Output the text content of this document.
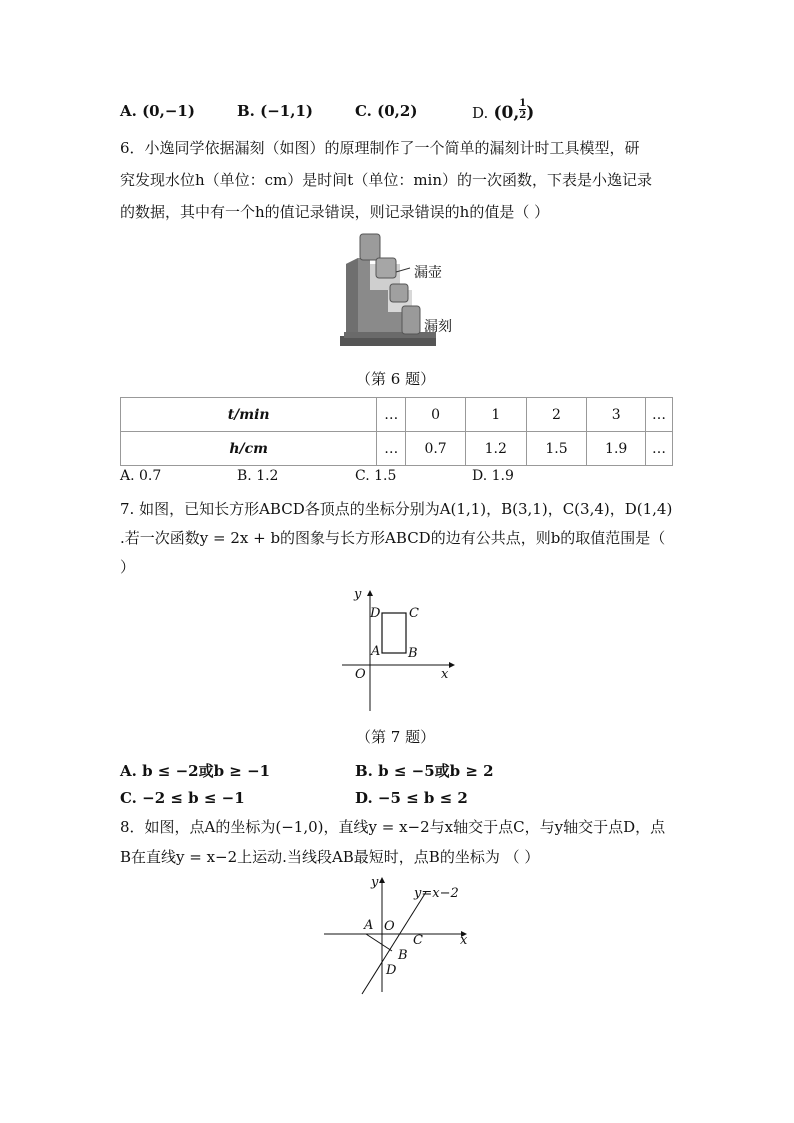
A. (0,−1)	B. (−1,1)	C. (0,2)	D. (0, $\frac{1}{2}$ )
6．小逸同学依据漏刻（如图）的原理制作了一个简单的漏刻计时工具模型，研
究发现水位h（单位：cm）是时间t（单位：min）的一次函数，下表是小逸记录
的数据，其中有一个h的值记录错误，则记录错误的h的值是（ ）
漏壶
漏刻
（第 6 题）
t/min	…	0	1	2	3	…
h/cm	…	0.7	1.2	1.5	1.9	…
A. 0.7	B. 1.2	C. 1.5	D. 1.9
7. 如图，已知长方形ABCD各顶点的坐标分别为A(1,1)，B(3,1)，C(3,4)，D(1,4)
.若一次函数y = 2x + b的图象与长方形ABCD的边有公共点，则b的取值范围是（
）
y
x
O
A B
C
D
（第 7 题）
A. b ≤ −2或b ≥ −1	B. b ≤ −5或b ≥ 2
C. −2 ≤ b ≤ −1	D. −5 ≤ b ≤ 2
8．如图，点A的坐标为(−1,0)，直线y = x−2与x轴交于点C，与y轴交于点D，点
B在直线y = x−2上运动.当线段AB最短时，点B的坐标为 （ ）
y
x
O
A
B
C
D
y=x−2
